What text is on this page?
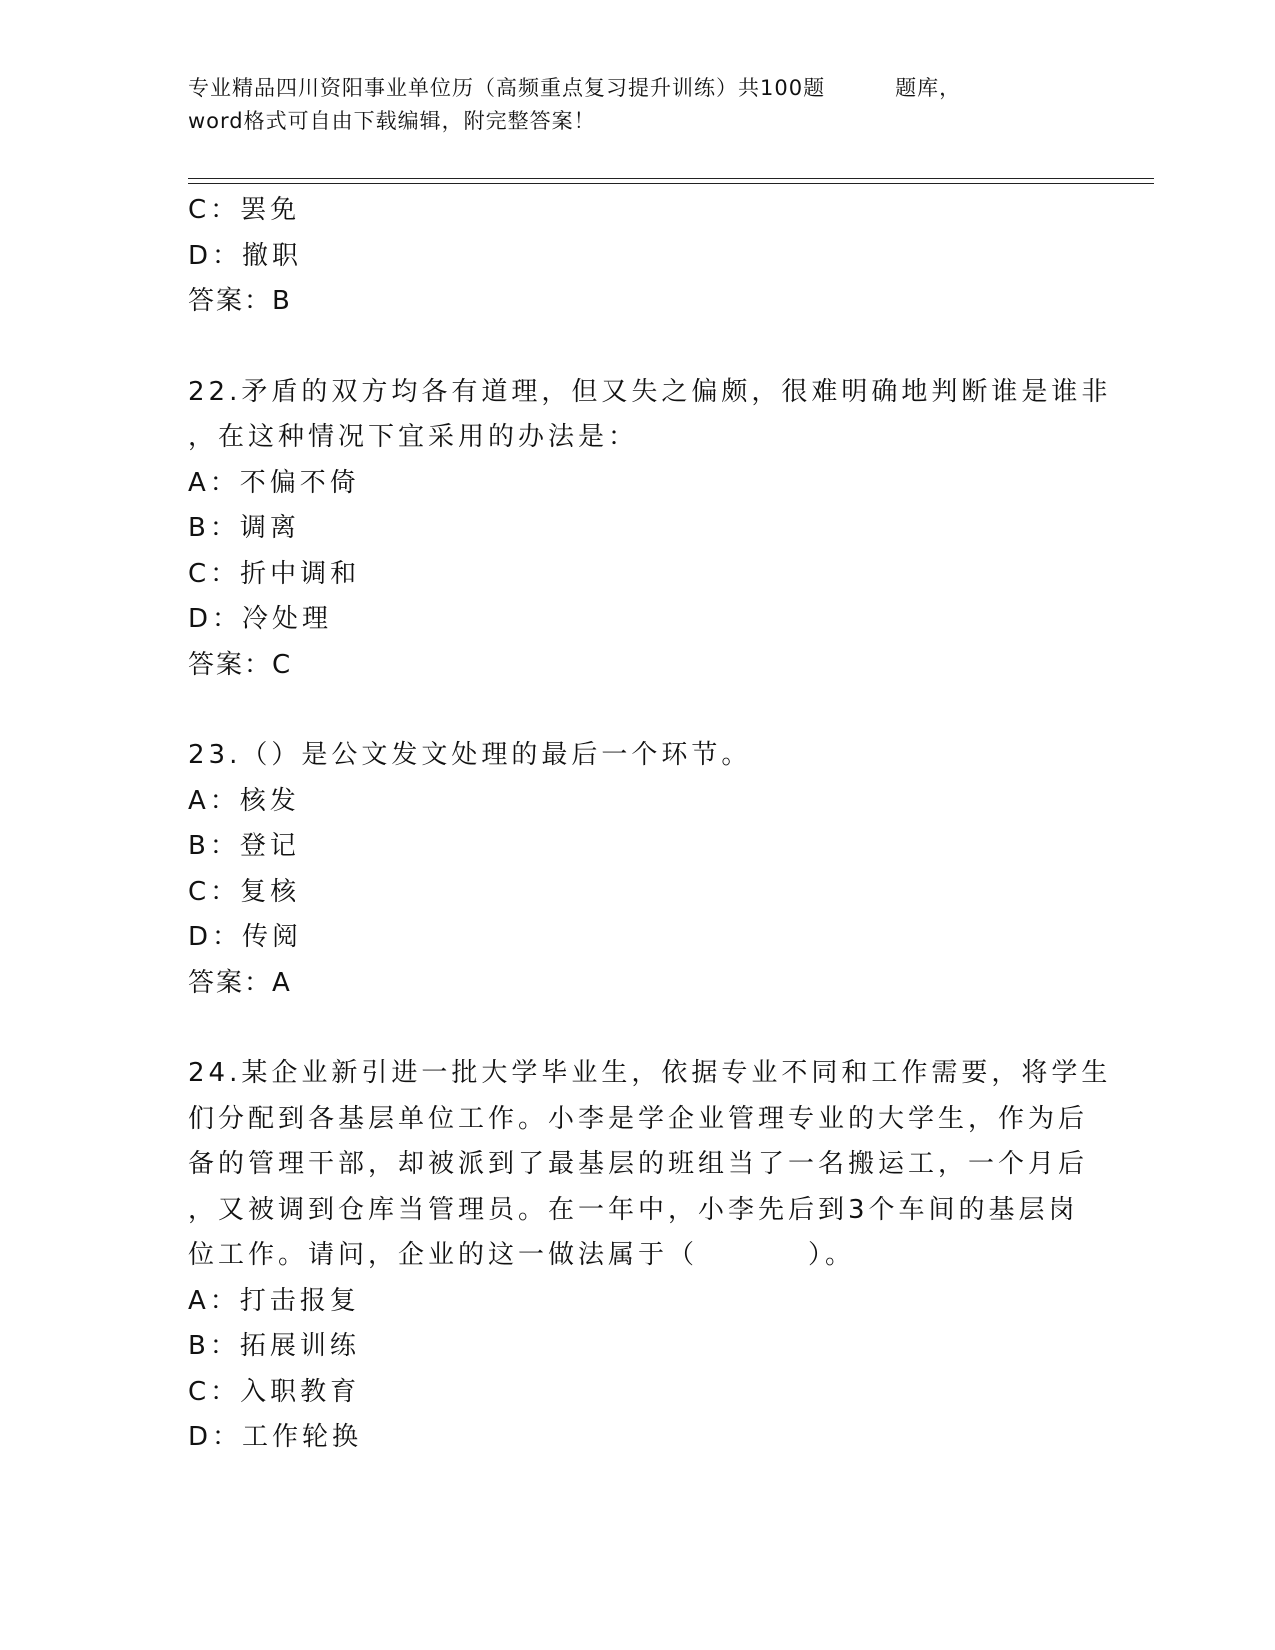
专业精品四川资阳事业单位历（高频重点复习提升训练）共100题	题库，
word格式可自由下载编辑，附完整答案！
C：罢免
D：撤职
答案：B
22.矛盾的双方均各有道理，但又失之偏颇，很难明确地判断谁是谁非
，在这种情况下宜采用的办法是：
A：不偏不倚
B：调离
C：折中调和
D：冷处理
答案：C
23.（）是公文发文处理的最后一个环节。
A：核发
B：登记
C：复核
D：传阅
答案：A
24.某企业新引进一批大学毕业生，依据专业不同和工作需要，将学生
们分配到各基层单位工作。小李是学企业管理专业的大学生，作为后
备的管理干部，却被派到了最基层的班组当了一名搬运工，一个月后
，又被调到仓库当管理员。在一年中，小李先后到3个车间的基层岗
位工作。请问，企业的这一做法属于（	）。
A：打击报复
B：拓展训练
C：入职教育
D：工作轮换
